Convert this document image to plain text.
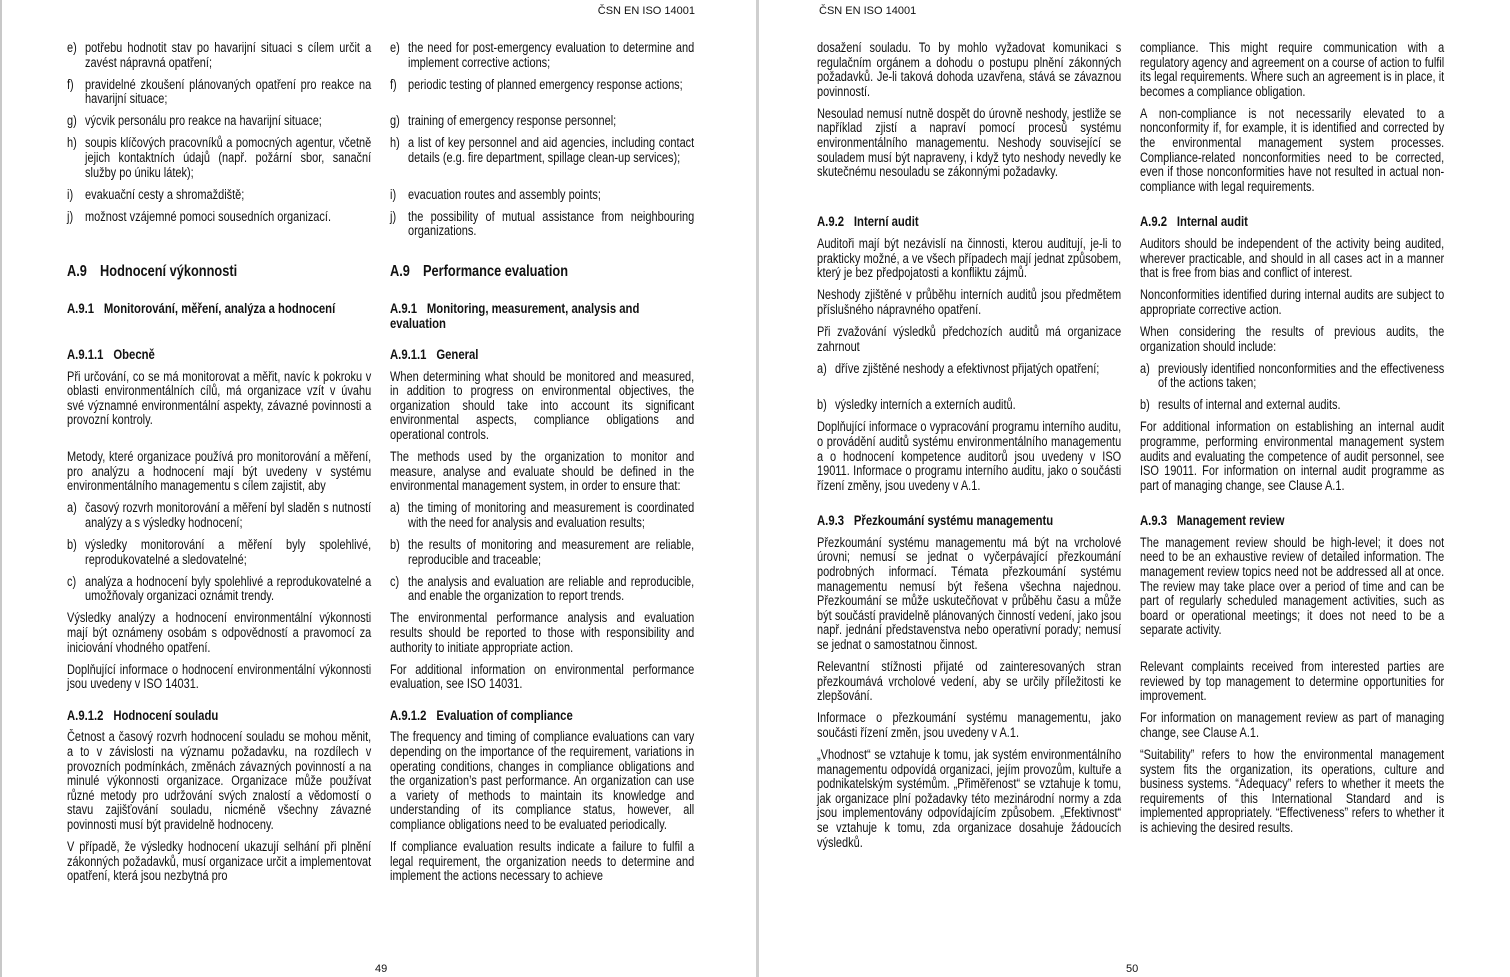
ČSN EN ISO 14001
e) potřebu hodnotit stav po havarijní situaci s cílem určit a zavést nápravná opatření;
e) the need for post-emergency evaluation to determine and implement corrective actions;
f) pravidelné zkoušení plánovaných opatření pro reakce na havarijní situace;
f) periodic testing of planned emergency response actions;
g) výcvik personálu pro reakce na havarijní situace;	g) training of emergency response personnel;
h) soupis klíčových pracovníků a pomocných agentur, včetně jejich kontaktních údajů (např. požární sbor, sanační služby po úniku látek);
h) a list of key personnel and aid agencies, including contact details (e.g. fire department, spillage clean-up services);
i) evakuační cesty a shromaždiště;	i) evacuation routes and assembly points;
j) možnost vzájemné pomoci sousedních organizací.	j) the possibility of mutual assistance from neighbouring organizations.
A.9 Hodnocení výkonnosti	A.9 Performance evaluation
A.9.1 Monitorování, měření, analýza a hodnocení	A.9.1 Monitoring, measurement, analysis and evaluation
A.9.1.1 Obecně	A.9.1.1 General
Při určování, co se má monitorovat a měřit, navíc k pokroku v oblasti environmentálních cílů, má organizace vzít v úvahu své významné environmentální aspekty, závazné povinnosti a provozní kontroly.
When determining what should be monitored and measured, in addition to progress on environmental objectives, the organization should take into account its significant environmental aspects, compliance obligations and operational controls.
Metody, které organizace používá pro monitorování a měření, pro analýzu a hodnocení mají být uvedeny v systému environmentálního managementu s cílem zajistit, aby
The methods used by the organization to monitor and measure, analyse and evaluate should be defined in the environmental management system, in order to ensure that:
a) časový rozvrh monitorování a měření byl sladěn s nutností analýzy a s výsledky hodnocení;
a) the timing of monitoring and measurement is coordinated with the need for analysis and evaluation results;
b) výsledky monitorování a měření byly spolehlivé, reprodukovatelné a sledovatelné;
b) the results of monitoring and measurement are reliable, reproducible and traceable;
c) analýza a hodnocení byly spolehlivé a reprodukovatelné a umožňovaly organizaci oznámit trendy.
c) the analysis and evaluation are reliable and reproducible, and enable the organization to report trends.
Výsledky analýzy a hodnocení environmentální výkonnosti mají být oznámeny osobám s odpovědností a pravomocí za iniciování vhodného opatření.
The environmental performance analysis and evaluation results should be reported to those with responsibility and authority to initiate appropriate action.
Doplňující informace o hodnocení environmentální výkonnosti jsou uvedeny v ISO 14031.
For additional information on environmental performance evaluation, see ISO 14031.
A.9.1.2 Hodnocení souladu	A.9.1.2 Evaluation of compliance
Četnost a časový rozvrh hodnocení souladu se mohou měnit, a to v závislosti na významu požadavku, na rozdílech v provozních podmínkách, změnách závazných povinností a na minulé výkonnosti organizace. Organizace může používat různé metody pro udržování svých znalostí a vědomostí o stavu zajišťování souladu, nicméně všechny závazné povinnosti musí být pravidelně hodnoceny.
The frequency and timing of compliance evaluations can vary depending on the importance of the requirement, variations in operating conditions, changes in compliance obligations and the organization’s past performance. An organization can use a variety of methods to maintain its knowledge and understanding of its compliance status, however, all compliance obligations need to be evaluated periodically.
V případě, že výsledky hodnocení ukazují selhání při plnění zákonných požadavků, musí organizace určit a implementovat opatření, která jsou nezbytná pro
If compliance evaluation results indicate a failure to fulfil a legal requirement, the organization needs to determine and implement the actions necessary to achieve
49
ČSN EN ISO 14001
dosažení souladu. To by mohlo vyžadovat komunikaci s regulačním orgánem a dohodu o postupu plnění zákonných požadavků. Je-li taková dohoda uzavřena, stává se závaznou povinností.
compliance. This might require communication with a regulatory agency and agreement on a course of action to fulfil its legal requirements. Where such an agreement is in place, it becomes a compliance obligation.
Nesoulad nemusí nutně dospět do úrovně neshody, jestliže se například zjistí a napraví pomocí procesů systému environmentálního managementu. Neshody související se souladem musí být napraveny, i když tyto neshody nevedly ke skutečnému nesouladu se zákonnými požadavky.
A non-compliance is not necessarily elevated to a nonconformity if, for example, it is identified and corrected by the environmental management system processes. Compliance-related nonconformities need to be corrected, even if those nonconformities have not resulted in actual non-compliance with legal requirements.
A.9.2 Interní audit	A.9.2 Internal audit
Auditoři mají být nezávislí na činnosti, kterou auditují, je-li to prakticky možné, a ve všech případech mají jednat způsobem, který je bez předpojatosti a konfliktu zájmů.
Auditors should be independent of the activity being audited, wherever practicable, and should in all cases act in a manner that is free from bias and conflict of interest.
Neshody zjištěné v průběhu interních auditů jsou předmětem příslušného nápravného opatření.
Nonconformities identified during internal audits are subject to appropriate corrective action.
Při zvažování výsledků předchozích auditů má organizace zahrnout
When considering the results of previous audits, the organization should include:
a) dříve zjištěné neshody a efektivnost přijatých opatření;	a) previously identified nonconformities and the effectiveness of the actions taken;
b) výsledky interních a externích auditů.	b) results of internal and external audits.
Doplňující informace o vypracování programu interního auditu, o provádění auditů systému environmentálního managementu a o hodnocení kompetence auditorů jsou uvedeny v ISO 19011. Informace o programu interního auditu, jako o součásti řízení změny, jsou uvedeny v A.1.
For additional information on establishing an internal audit programme, performing environmental management system audits and evaluating the competence of audit personnel, see ISO 19011. For information on internal audit programme as part of managing change, see Clause A.1.
A.9.3 Přezkoumání systému managementu	A.9.3 Management review
Přezkoumání systému managementu má být na vrcholové úrovni; nemusí se jednat o vyčerpávající přezkoumání podrobných informací. Témata přezkoumání systému managementu nemusí být řešena všechna najednou. Přezkoumání se může uskutečňovat v průběhu času a může být součástí pravidelně plánovaných činností vedení, jako jsou např. jednání představenstva nebo operativní porady; nemusí se jednat o samostatnou činnost.
The management review should be high-level; it does not need to be an exhaustive review of detailed information. The management review topics need not be addressed all at once. The review may take place over a period of time and can be part of regularly scheduled management activities, such as board or operational meetings; it does not need to be a separate activity.
Relevantní stížnosti přijaté od zainteresovaných stran přezkoumává vrcholové vedení, aby se určily příležitosti ke zlepšování.
Relevant complaints received from interested parties are reviewed by top management to determine opportunities for improvement.
Informace o přezkoumání systému managementu, jako součásti řízení změn, jsou uvedeny v A.1.
For information on management review as part of managing change, see Clause A.1.
„Vhodnost“ se vztahuje k tomu, jak systém environmentálního managementu odpovídá organizaci, jejím provozům, kultuře a podnikatelským systémům. „Přiměřenost“ se vztahuje k tomu, jak organizace plní požadavky této mezinárodní normy a zda jsou implementovány odpovídajícím způsobem. „Efektivnost“ se vztahuje k tomu, zda organizace dosahuje žádoucích výsledků.
“Suitability” refers to how the environmental management system fits the organization, its operations, culture and business systems. “Adequacy” refers to whether it meets the requirements of this International Standard and is implemented appropriately. “Effectiveness” refers to whether it is achieving the desired results.
50
